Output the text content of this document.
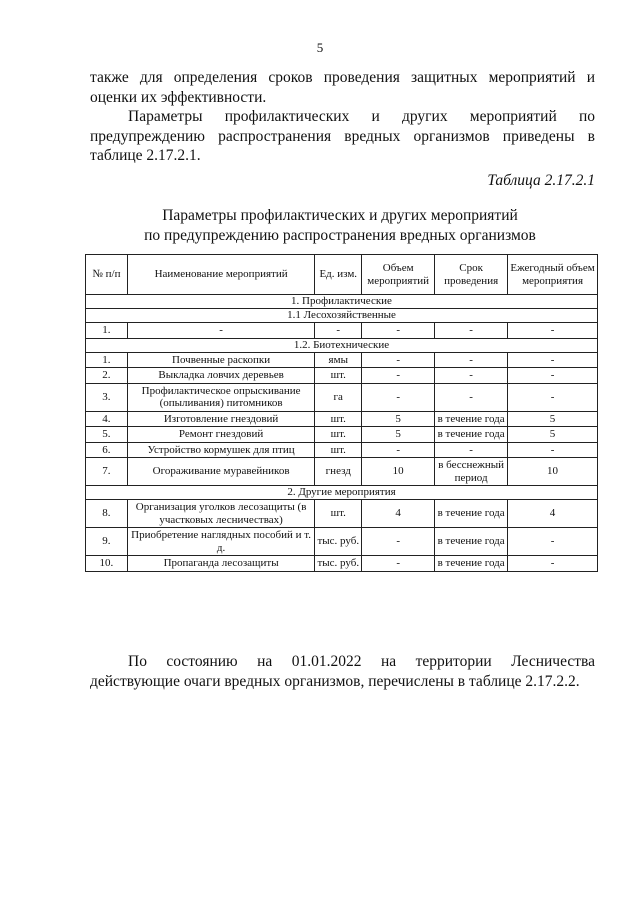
5
также для определения сроков проведения защитных мероприятий и оценки их эффективности.
Параметры профилактических и других мероприятий по предупреждению распространения вредных организмов приведены в таблице 2.17.2.1.
Таблица 2.17.2.1
Параметры профилактических и других мероприятий
по предупреждению распространения вредных организмов
№ п/п	Наименование мероприятий	Ед. изм.	Объем мероприятий	Срок проведения	Ежегодный объем мероприятия
1. Профилактические					
1.1 Лесохозяйственные					
1.	-	-	-	-	-
1.2. Биотехнические					
1.	Почвенные раскопки	ямы	-	-	-
2.	Выкладка ловчих деревьев	шт.	-	-	-
3.	Профилактическое опрыскивание (опыливания) питомников	га	-	-	-
4.	Изготовление гнездовий	шт.	5	в течение года	5
5.	Ремонт гнездовий	шт.	5	в течение года	5
6.	Устройство кормушек для птиц	шт.	-	-	-
7.	Огораживание муравейников	гнезд	10	в бесснежный период	10
2. Другие мероприятия					
8.	Организация уголков лесозащиты (в участковых лесничествах)	шт.	4	в течение года	4
9.	Приобретение наглядных пособий и т. д.	тыс. руб.	-	в течение года	-
10.	Пропаганда лесозащиты	тыс. руб.	-	в течение года	-
По состоянию на 01.01.2022 на территории Лесничества действующие очаги вредных организмов, перечислены в таблице 2.17.2.2.
